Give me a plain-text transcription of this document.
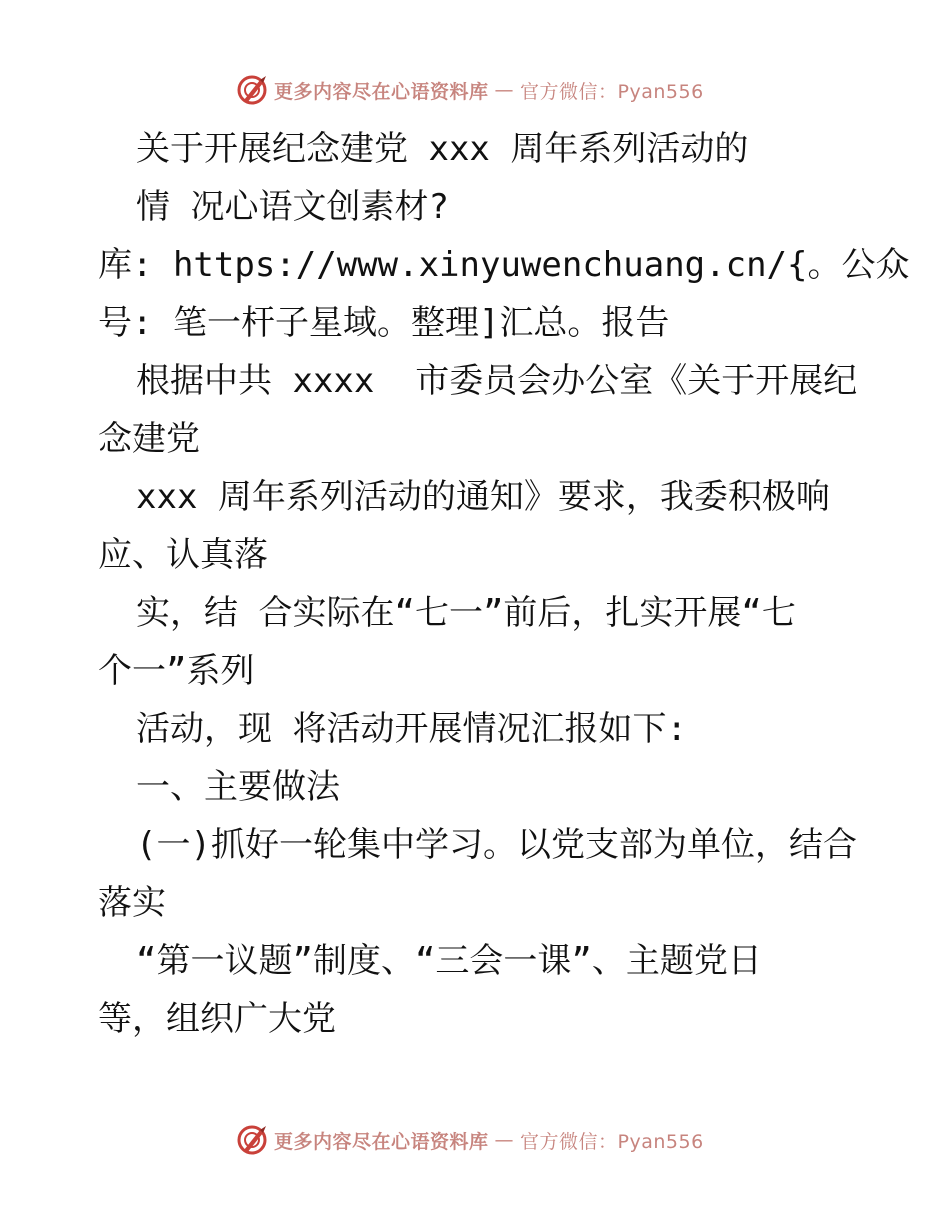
更多内容尽在心语资料库 — 官方微信：Pyan556
关于开展纪念建党 xxx 周年系列活动的
情 况心语文创素材?
库: https://www.xinyuwenchuang.cn/{。公众
号: 笔一杆子星域。整理]汇总。报告
根据中共 xxxx  市委员会办公室《关于开展纪
念建党
xxx 周年系列活动的通知》要求，我委积极响
应、认真落
实，结 合实际在“七一”前后，扎实开展“七
个一”系列
活动，现 将活动开展情况汇报如下:
一、主要做法
(一)抓好一轮集中学习。以党支部为单位，结合
落实
“第一议题”制度、“三会一课”、主题党日
等，组织广大党
更多内容尽在心语资料库 — 官方微信：Pyan556
